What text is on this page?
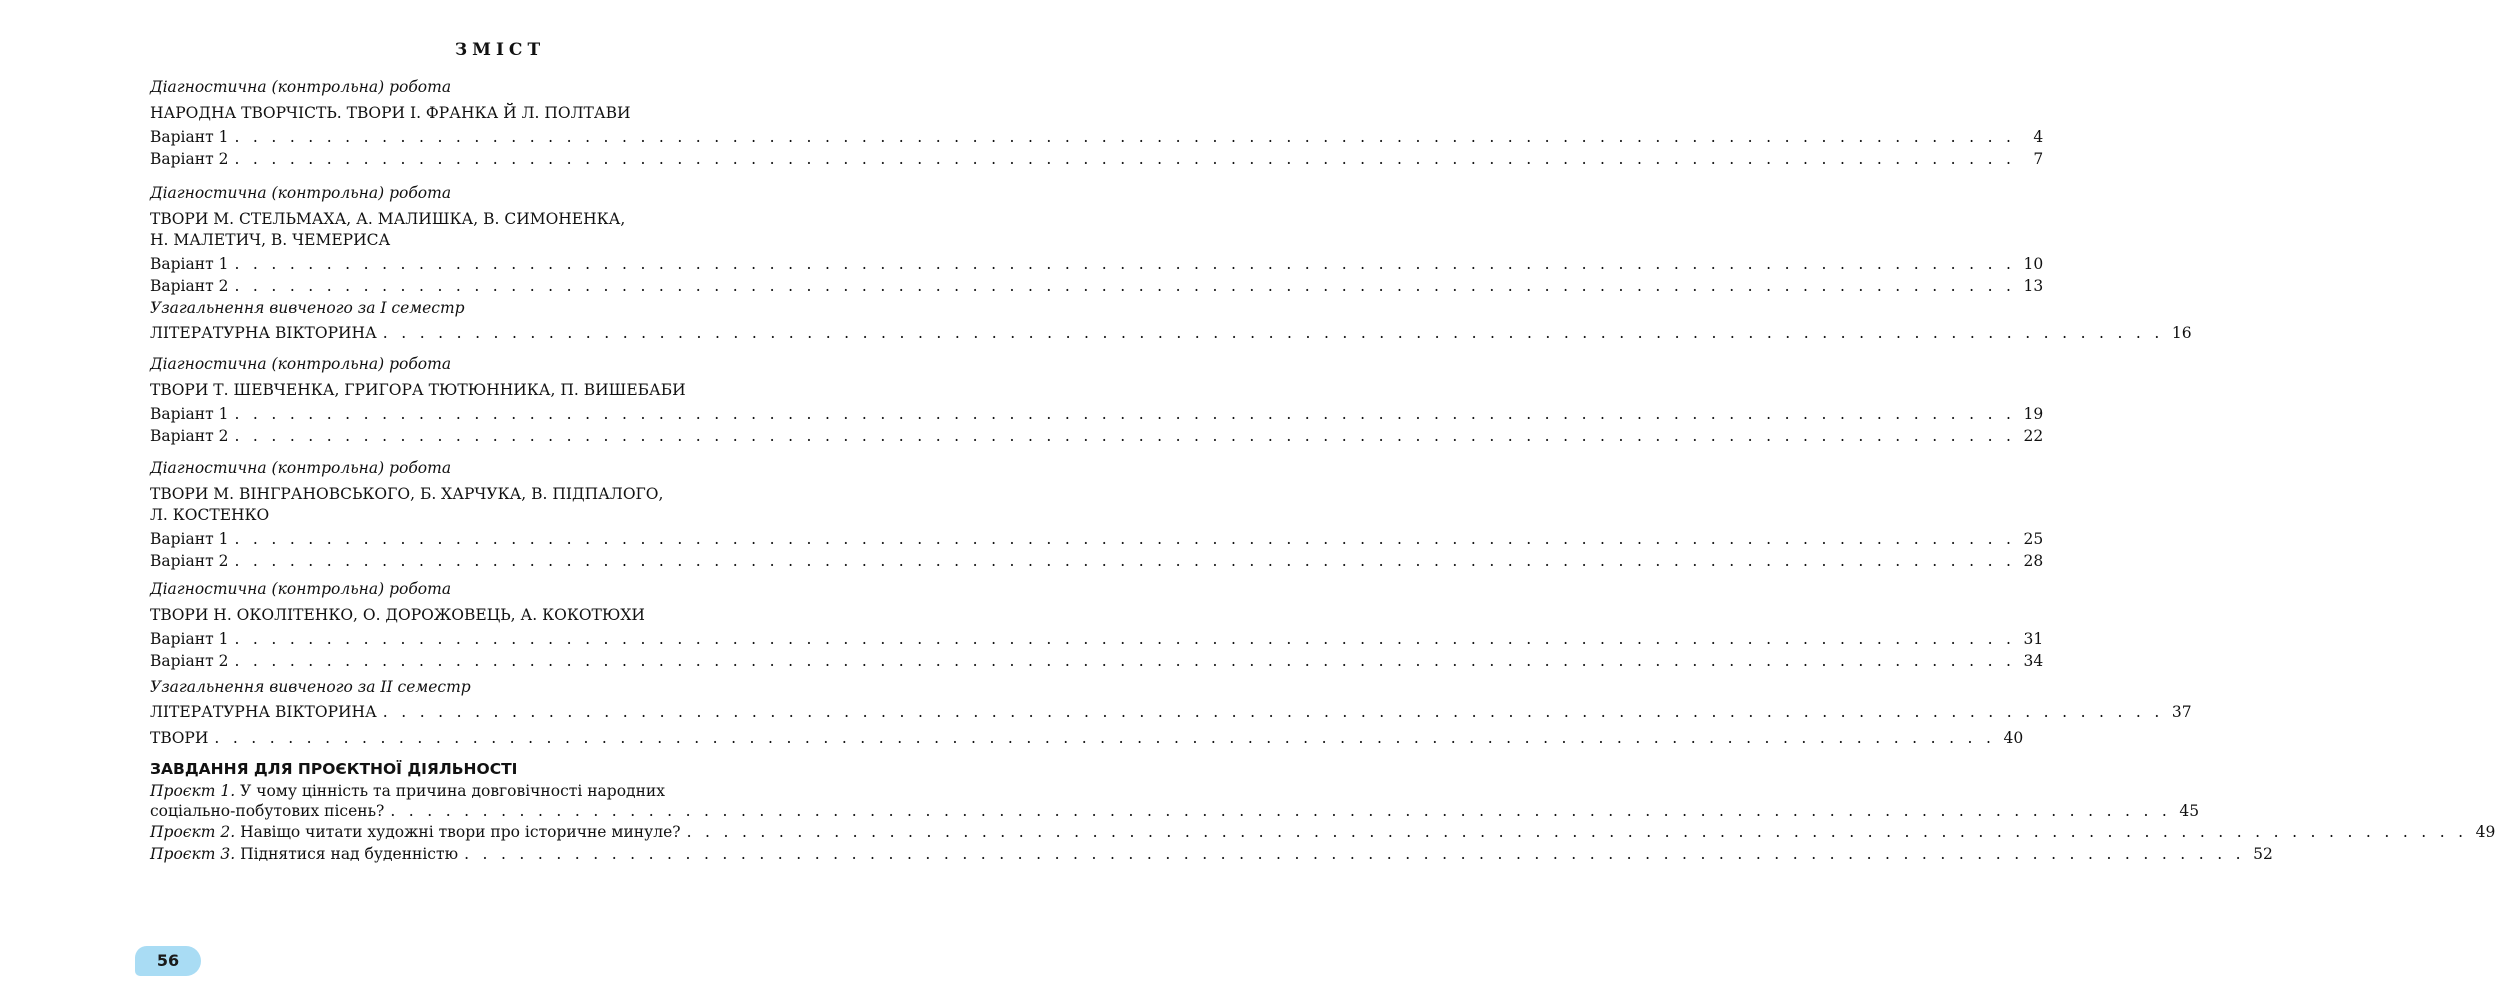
ЗМІСТ
Діагностична (контрольна) робота
НАРОДНА ТВОРЧІСТЬ. ТВОРИ І. ФРАНКА Й Л. ПОЛТАВИ
Варіант 1 . . .	4
Варіант 2 . . .	7
Діагностична (контрольна) робота
ТВОРИ М. СТЕЛЬМАХА, А. МАЛИШКА, В. СИМОНЕНКА,
Н. МАЛЕТИЧ, В. ЧЕМЕРИСА
Варіант 1 . . .	10
Варіант 2 . . .	13
Узагальнення вивченого за І семестр
ЛІТЕРАТУРНА ВІКТОРИНА . . .	16
Діагностична (контрольна) робота
ТВОРИ Т. ШЕВЧЕНКА, ГРИГОРА ТЮТЮННИКА, П. ВИШЕБАБИ
Варіант 1 . . .	19
Варіант 2 . . .	22
Діагностична (контрольна) робота
ТВОРИ М. ВІНГРАНОВСЬКОГО, Б. ХАРЧУКА, В. ПІДПАЛОГО,
Л. КОСТЕНКО
Варіант 1 . . .	25
Варіант 2 . . .	28
Діагностична (контрольна) робота
ТВОРИ Н. ОКОЛІТЕНКО, О. ДОРОЖОВЕЦЬ, А. КОКОТЮХИ
Варіант 1 . . .	31
Варіант 2 . . .	34
Узагальнення вивченого за ІІ семестр
ЛІТЕРАТУРНА ВІКТОРИНА . . .	37
ТВОРИ . . .	40
ЗАВДАННЯ ДЛЯ ПРОЄКТНОЇ ДІЯЛЬНОСТІ
Проєкт 1. У чому цінність та причина довговічності народних
соціально-побутових пісень? . . .	45
Проєкт 2. Навіщо читати художні твори про історичне минуле? . . .	49
Проєкт 3. Піднятися над буденністю . . .	52
56
